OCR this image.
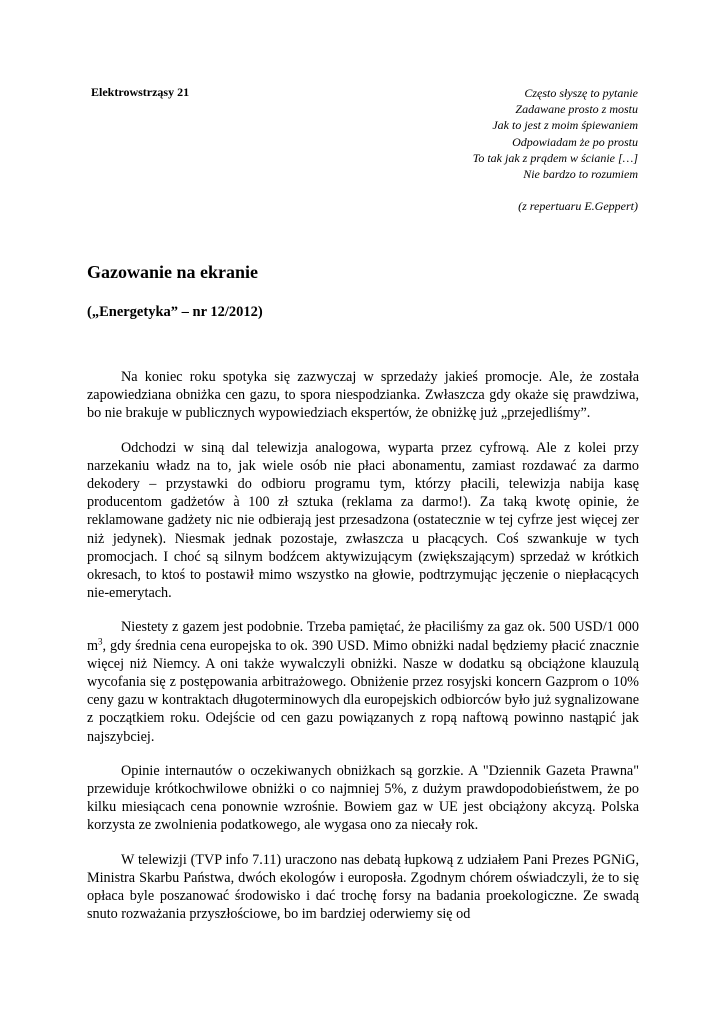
Elektrowstrząsy 21	Często słyszę to pytanie
Zadawane prosto z mostu
Jak to jest z moim śpiewaniem
Odpowiadam że po prostu
To tak jak z prądem w ścianie […]
Nie bardzo to rozumiem
(z repertuaru E.Geppert)
Gazowanie na ekranie
(„Energetyka” – nr 12/2012)

Na koniec roku spotyka się zazwyczaj w sprzedaży jakieś promocje. Ale, że została zapowiedziana obniżka cen gazu, to spora niespodzianka. Zwłaszcza gdy okaże się prawdziwa, bo nie brakuje w publicznych wypowiedziach ekspertów, że obniżkę już „przejedliśmy”.

Odchodzi w siną dal telewizja analogowa, wyparta przez cyfrową. Ale z kolei przy narzekaniu władz na to, jak wiele osób nie płaci abonamentu, zamiast rozdawać za darmo dekodery – przystawki do odbioru programu tym, którzy płacili, telewizja nabija kasę producentom gadżetów à 100 zł sztuka (reklama za darmo!). Za taką kwotę opinie, że reklamowane gadżety nic nie odbierają jest przesadzona (ostatecznie w tej cyfrze jest więcej zer niż jedynek). Niesmak jednak pozostaje, zwłaszcza u płacących. Coś szwankuje w tych promocjach. I choć są silnym bodźcem aktywizującym (zwiększającym) sprzedaż w krótkich okresach, to ktoś to postawił mimo wszystko na głowie, podtrzymując jęczenie o niepłacących nie-emerytach.

Niestety z gazem jest podobnie. Trzeba pamiętać, że płaciliśmy za gaz ok. 500 USD/1 000 $m^3$, gdy średnia cena europejska to ok. 390 USD. Mimo obniżki nadal będziemy płacić znacznie więcej niż Niemcy. A oni także wywalczyli obniżki. Nasze w dodatku są obciążone klauzulą wycofania się z postępowania arbitrażowego. Obniżenie przez rosyjski koncern Gazprom o 10% ceny gazu w kontraktach długoterminowych dla europejskich odbiorców było już sygnalizowane z początkiem roku. Odejście od cen gazu powiązanych z ropą naftową powinno nastąpić jak najszybciej.

Opinie internautów o oczekiwanych obniżkach są gorzkie. A "Dziennik Gazeta Prawna" przewiduje krótkochwilowe obniżki o co najmniej 5%, z dużym prawdopodobieństwem, że po kilku miesiącach cena ponownie wzrośnie. Bowiem gaz w UE jest obciążony akcyzą. Polska korzysta ze zwolnienia podatkowego, ale wygasa ono za niecały rok.

W telewizji (TVP info 7.11) uraczono nas debatą łupkową z udziałem Pani Prezes PGNiG, Ministra Skarbu Państwa, dwóch ekologów i europosła. Zgodnym chórem oświadczyli, że to się opłaca byle poszanować środowisko i dać trochę forsy na badania proekologiczne. Ze swadą snuto rozważania przyszłościowe, bo im bardziej oderwiemy się od
